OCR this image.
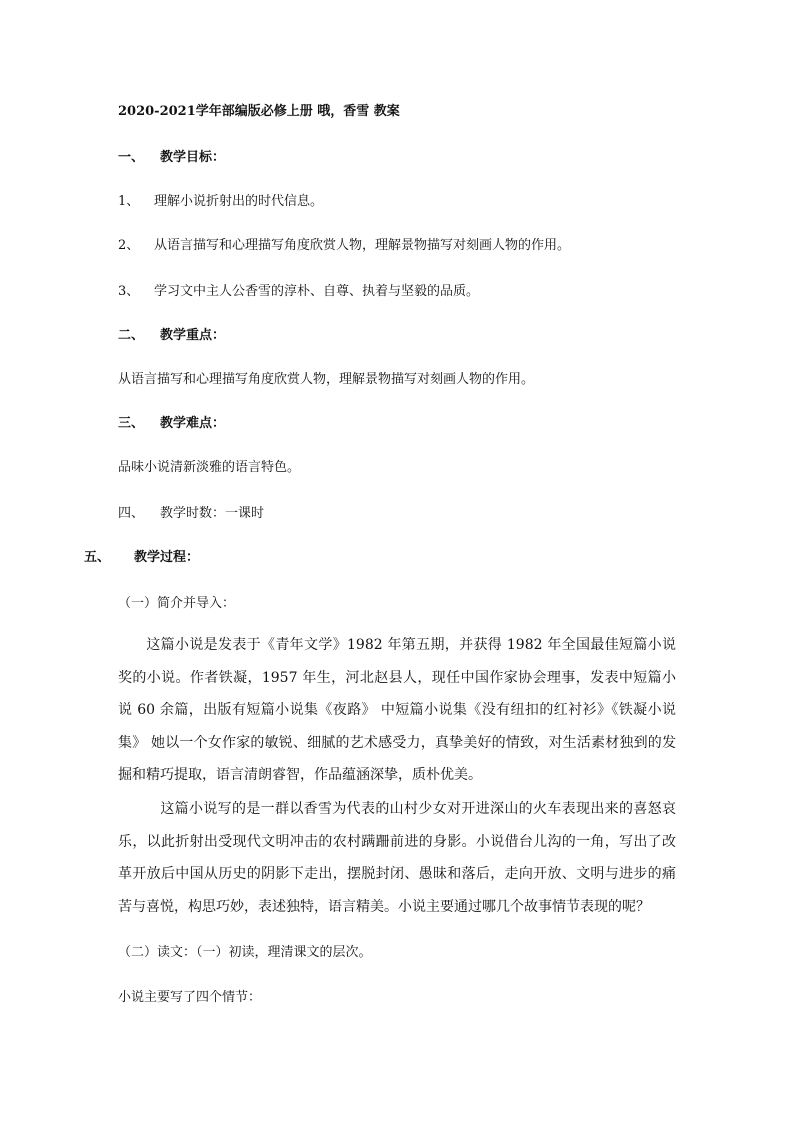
2020-2021学年部编版必修上册 哦，香雪 教案
一、 教学目标：
1、 理解小说折射出的时代信息。
2、 从语言描写和心理描写角度欣赏人物，理解景物描写对刻画人物的作用。
3、 学习文中主人公香雪的淳朴、自尊、执着与坚毅的品质。
二、 教学重点：
从语言描写和心理描写角度欣赏人物，理解景物描写对刻画人物的作用。
三、 教学难点：
品味小说清新淡雅的语言特色。
四、 教学时数：一课时
五、 教学过程：
（一）简介并导入：
这篇小说是发表于《青年文学》1982 年第五期，并获得 1982 年全国最佳短篇小说奖的小说。作者铁凝，1957 年生，河北赵县人，现任中国作家协会理事，发表中短篇小说 60 余篇，出版有短篇小说集《夜路》 中短篇小说集《没有纽扣的红衬衫》《铁凝小说集》 她以一个女作家的敏锐、细腻的艺术感受力，真挚美好的情致，对生活素材独到的发掘和精巧提取，语言清朗睿智，作品蕴涵深挚，质朴优美。
这篇小说写的是一群以香雪为代表的山村少女对开进深山的火车表现出来的喜怒哀乐，以此折射出受现代文明冲击的农村蹒跚前进的身影。小说借台儿沟的一角，写出了改革开放后中国从历史的阴影下走出，摆脱封闭、愚昧和落后，走向开放、文明与进步的痛苦与喜悦，构思巧妙，表述独特，语言精美。小说主要通过哪几个故事情节表现的呢？
（二）读文：（一）初读，理清课文的层次。
小说主要写了四个情节：
